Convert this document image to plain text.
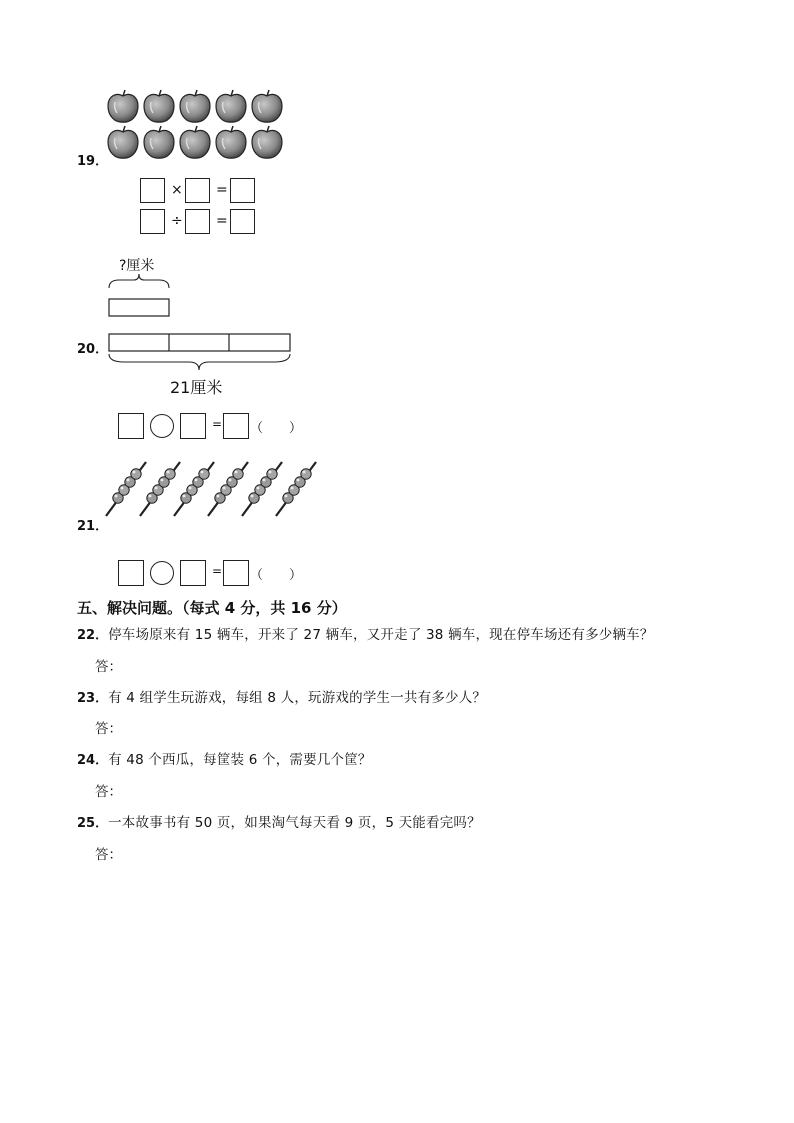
19．
× =
÷ =
?厘米
20．
21厘米
= （　　）
21．
= （　　）
五、解决问题。（每式 4 分，共 16 分）
22．停车场原来有 15 辆车，开来了 27 辆车，又开走了 38 辆车，现在停车场还有多少辆车？
答：
23．有 4 组学生玩游戏，每组 8 人，玩游戏的学生一共有多少人？
答：
24．有 48 个西瓜，每筐装 6 个，需要几个筐？
答：
25．一本故事书有 50 页，如果淘气每天看 9 页，5 天能看完吗？
答：
